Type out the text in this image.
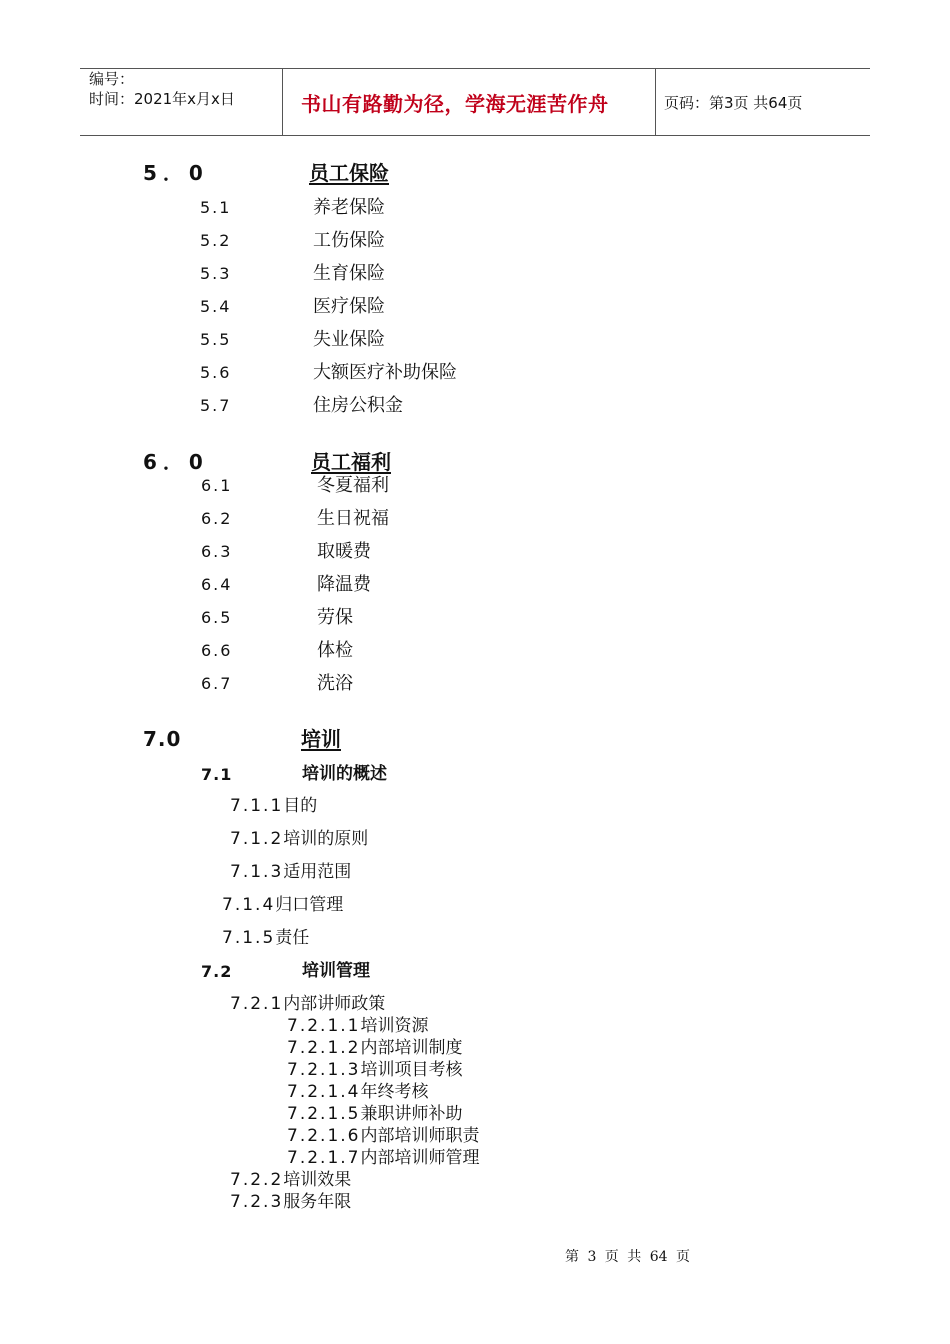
编号：
时间：2021年x月x日	书山有路勤为径，学海无涯苦作舟	页码：第3页 共64页
5．0	员工保险
5.1	养老保险
5.2	工伤保险
5.3	生育保险
5.4	医疗保险
5.5	失业保险
5.6	大额医疗补助保险
5.7	住房公积金
6．0	员工福利
6.1	冬夏福利
6.2	生日祝福
6.3	取暖费
6.4	降温费
6.5	劳保
6.6	体检
6.7	洗浴
7.0	培训
7.1	培训的概述
7.1.1目的
7.1.2培训的原则
7.1.3适用范围
7.1.4归口管理
7.1.5责任
7.2	培训管理
7.2.1内部讲师政策
7.2.1.1培训资源
7.2.1.2内部培训制度
7.2.1.3培训项目考核
7.2.1.4年终考核
7.2.1.5兼职讲师补助
7.2.1.6内部培训师职责
7.2.1.7内部培训师管理
7.2.2培训效果
7.2.3服务年限
第 3 页 共 64 页
